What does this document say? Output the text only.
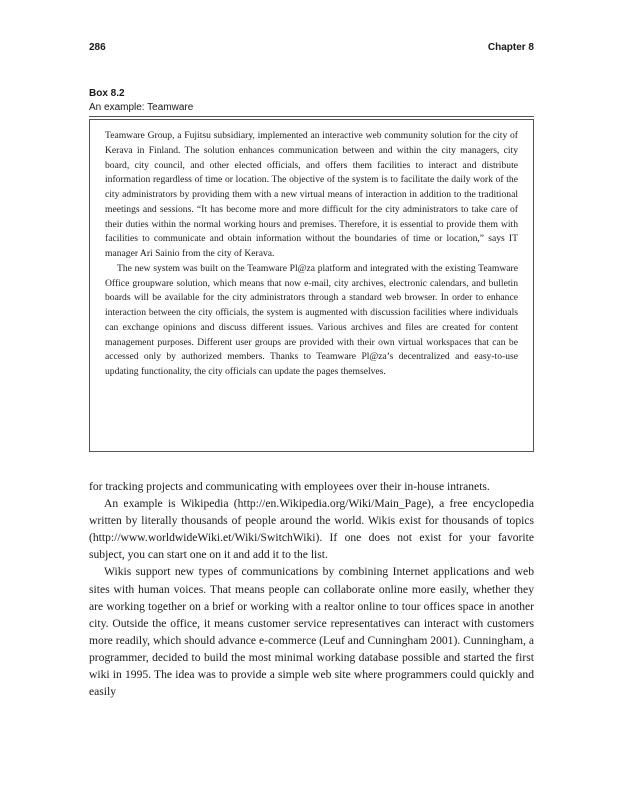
286	Chapter 8
Box 8.2
An example: Teamware

Teamware Group, a Fujitsu subsidiary, implemented an interactive web community solution for the city of Kerava in Finland. The solution enhances communication between and within the city managers, city board, city council, and other elected officials, and offers them facilities to interact and distribute information regardless of time or location. The objective of the system is to facilitate the daily work of the city administrators by providing them with a new virtual means of interaction in addition to the traditional meetings and sessions. “It has become more and more difficult for the city administrators to take care of their duties within the normal working hours and premises. Therefore, it is essential to provide them with facilities to communicate and obtain information without the boundaries of time or location,” says IT manager Ari Sainio from the city of Kerava.

The new system was built on the Teamware Pl@za platform and integrated with the existing Teamware Office groupware solution, which means that now e-mail, city archives, electronic calendars, and bulletin boards will be available for the city administrators through a standard web browser. In order to enhance interaction between the city officials, the system is augmented with discussion facilities where individuals can exchange opinions and discuss different issues. Various archives and files are created for content management purposes. Different user groups are provided with their own virtual workspaces that can be accessed only by authorized members. Thanks to Teamware Pl@za’s decentralized and easy-to-use updating functionality, the city officials can update the pages themselves.

for tracking projects and communicating with employees over their in-house intranets.

An example is Wikipedia (http://en.Wikipedia.org/Wiki/Main_Page), a free encyclopedia written by literally thousands of people around the world. Wikis exist for thousands of topics (http://www.worldwideWiki.et/Wiki/SwitchWiki). If one does not exist for your favorite subject, you can start one on it and add it to the list.

Wikis support new types of communications by combining Internet applications and web sites with human voices. That means people can collaborate online more easily, whether they are working together on a brief or working with a realtor online to tour offices space in another city. Outside the office, it means customer service representatives can interact with customers more readily, which should advance e-commerce (Leuf and Cunningham 2001). Cunningham, a programmer, decided to build the most minimal working database possible and started the first wiki in 1995. The idea was to provide a simple web site where programmers could quickly and easily
